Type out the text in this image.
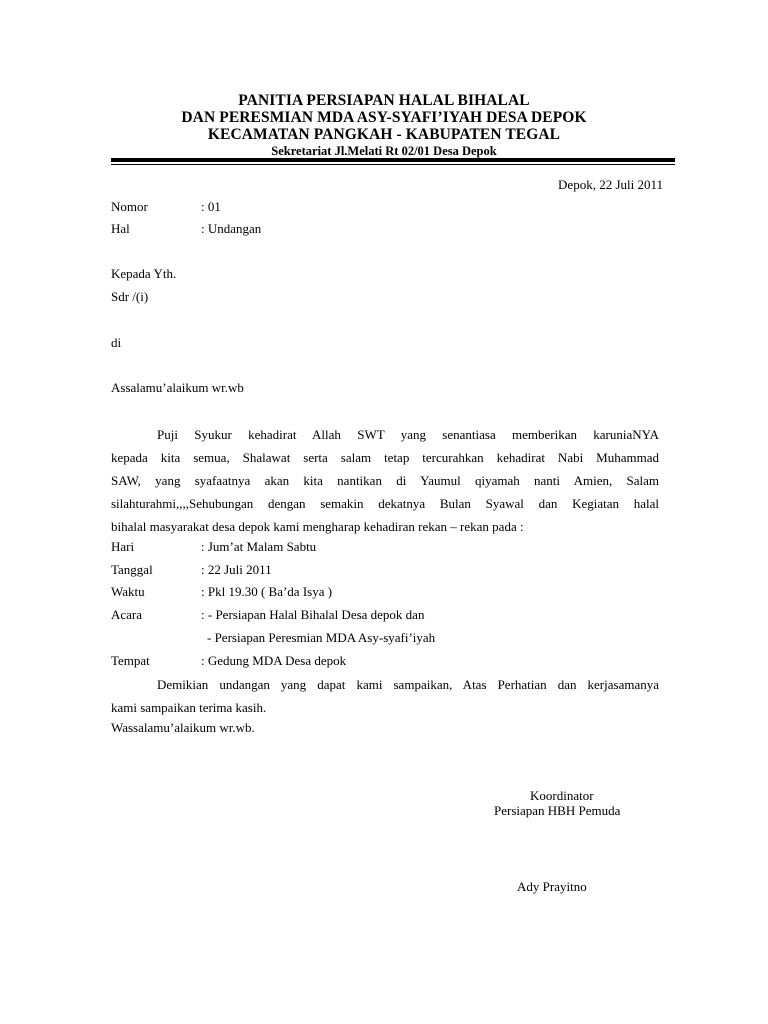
PANITIA PERSIAPAN HALAL BIHALAL
DAN PERESMIAN MDA ASY-SYAFI’IYAH DESA DEPOK
KECAMATAN PANGKAH - KABUPATEN TEGAL
Sekretariat Jl.Melati Rt 02/01 Desa Depok
Depok, 22 Juli 2011
Nomor	: 01
Hal	: Undangan
Kepada Yth.
Sdr /(i)
di
Assalamu’alaikum wr.wb
Puji Syukur kehadirat Allah SWT yang senantiasa memberikan karuniaNYA
kepada kita semua, Shalawat serta salam tetap tercurahkan kehadirat Nabi Muhammad
SAW, yang syafaatnya akan kita nantikan di Yaumul qiyamah nanti Amien, Salam
silahturahmi,,,,Sehubungan dengan semakin dekatnya Bulan Syawal dan Kegiatan halal
bihalal masyarakat desa depok kami mengharap kehadiran rekan – rekan pada :
Hari	: Jum’at Malam Sabtu
Tanggal	: 22 Juli 2011
Waktu	: Pkl 19.30 ( Ba’da Isya )
Acara	: - Persiapan Halal Bihalal Desa depok dan
- Persiapan Peresmian MDA Asy-syafi’iyah
Tempat	: Gedung MDA Desa depok
Demikian undangan yang dapat kami sampaikan, Atas Perhatian dan kerjasamanya
kami sampaikan terima kasih.
Wassalamu’alaikum wr.wb.
Koordinator
Persiapan HBH Pemuda
Ady Prayitno
